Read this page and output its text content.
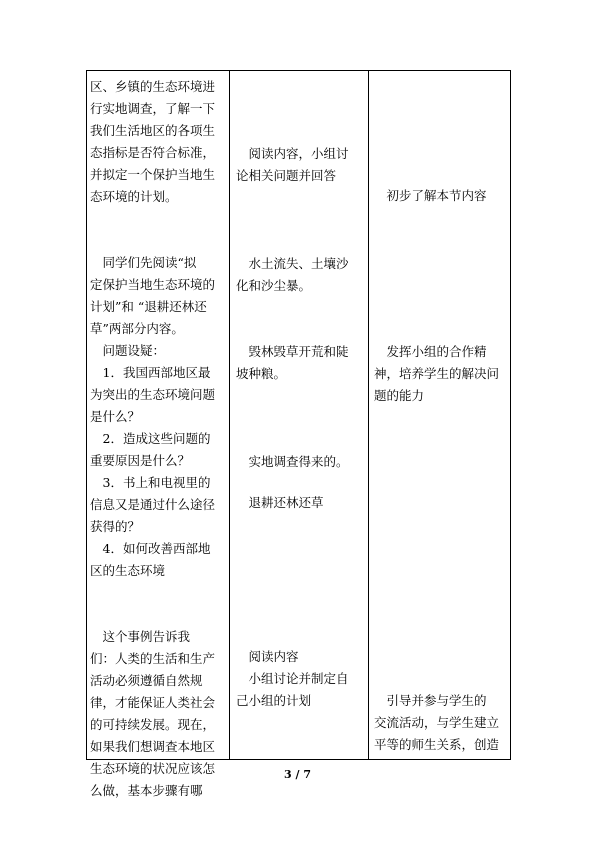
区、乡镇的生态环境进
行实地调查，了解一下
我们生活地区的各项生
态指标是否符合标准，
并拟定一个保护当地生
态环境的计划。
　同学们先阅读“拟
定保护当地生态环境的
计划”和 “退耕还林还
草”两部分内容。
　问题设疑：
　1．我国西部地区最
为突出的生态环境问题
是什么？
　2．造成这些问题的
重要原因是什么？
　3．书上和电视里的
信息又是通过什么途径
获得的？
　4．如何改善西部地
区的生态环境
　这个事例告诉我
们：人类的生活和生产
活动必须遵循自然规
律，才能保证人类社会
的可持续发展。现在，
如果我们想调查本地区
生态环境的状况应该怎
么做，基本步骤有哪
　阅读内容，小组讨
论相关问题并回答
　水土流失、土壤沙
化和沙尘暴。
　毁林毁草开荒和陡
坡种粮。
　实地调查得来的。
　退耕还林还草
　阅读内容
　小组讨论并制定自
己小组的计划
　初步了解本节内容
　发挥小组的合作精
神，培养学生的解决问
题的能力
　引导并参与学生的
交流活动，与学生建立
平等的师生关系，创造
3 / 7
